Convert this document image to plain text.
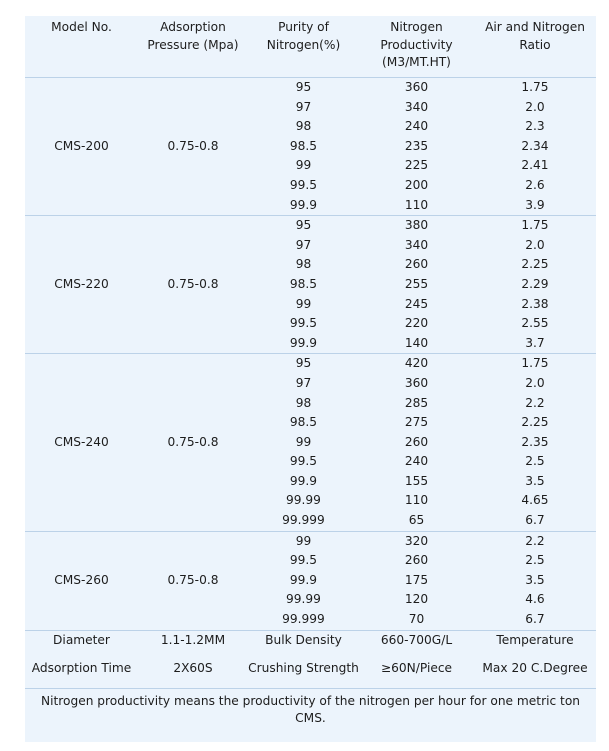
Model No.	Adsorption Pressure (Mpa)	Purity of Nitrogen(%)	Nitrogen Productivity (M3/MT.HT)	Air and Nitrogen Ratio
CMS-200	0.75-0.8	95	360	1.75
		97	340	2.0
		98	240	2.3
		98.5	235	2.34
		99	225	2.41
		99.5	200	2.6
		99.9	110	3.9
CMS-220	0.75-0.8	95	380	1.75
		97	340	2.0
		98	260	2.25
		98.5	255	2.29
		99	245	2.38
		99.5	220	2.55
		99.9	140	3.7
CMS-240	0.75-0.8	95	420	1.75
		97	360	2.0
		98	285	2.2
		98.5	275	2.25
		99	260	2.35
		99.5	240	2.5
		99.9	155	3.5
		99.99	110	4.65
		99.999	65	6.7
CMS-260	0.75-0.8	99	320	2.2
		99.5	260	2.5
		99.9	175	3.5
		99.99	120	4.6
		99.999	70	6.7
Diameter	1.1-1.2MM	Bulk Density	660-700G/L	Temperature
Adsorption Time	2X60S	Crushing Strength	≥60N/Piece	Max 20 C.Degree
Nitrogen productivity means the productivity of the nitrogen per hour for one metric ton CMS.				
